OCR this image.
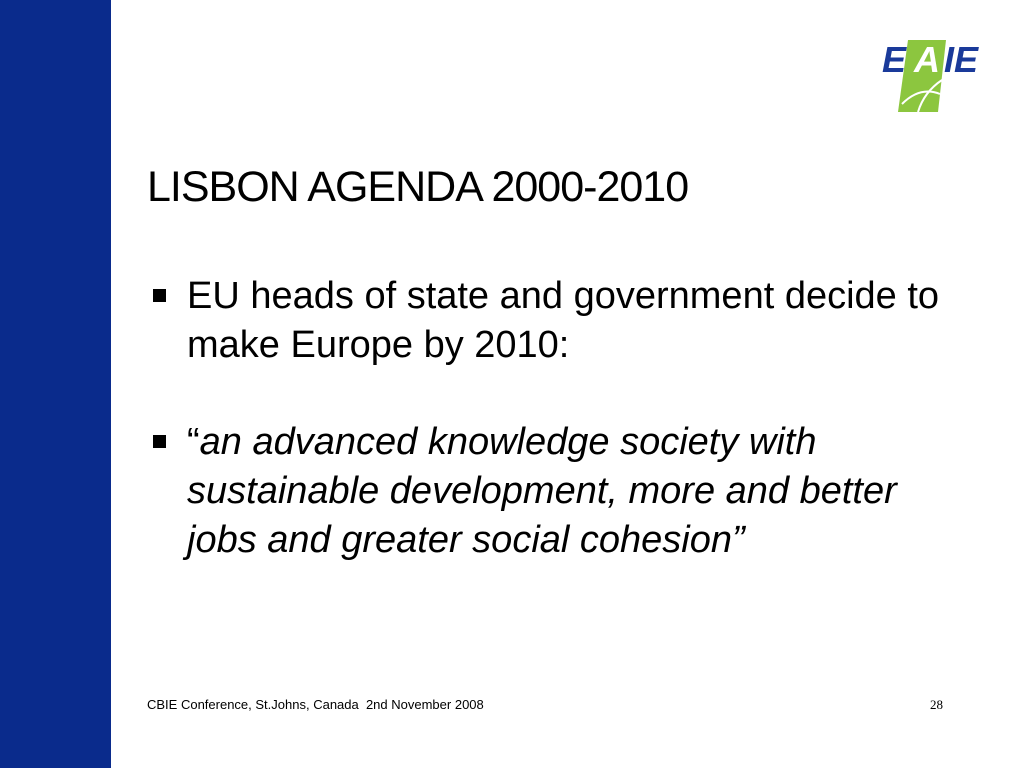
E A IE
LISBON AGENDA 2000-2010
EU heads of state and government decide to make Europe by 2010:
“an advanced knowledge society with sustainable development, more and better jobs and greater social cohesion”
CBIE Conference, St.Johns, Canada  2nd November 2008	28
